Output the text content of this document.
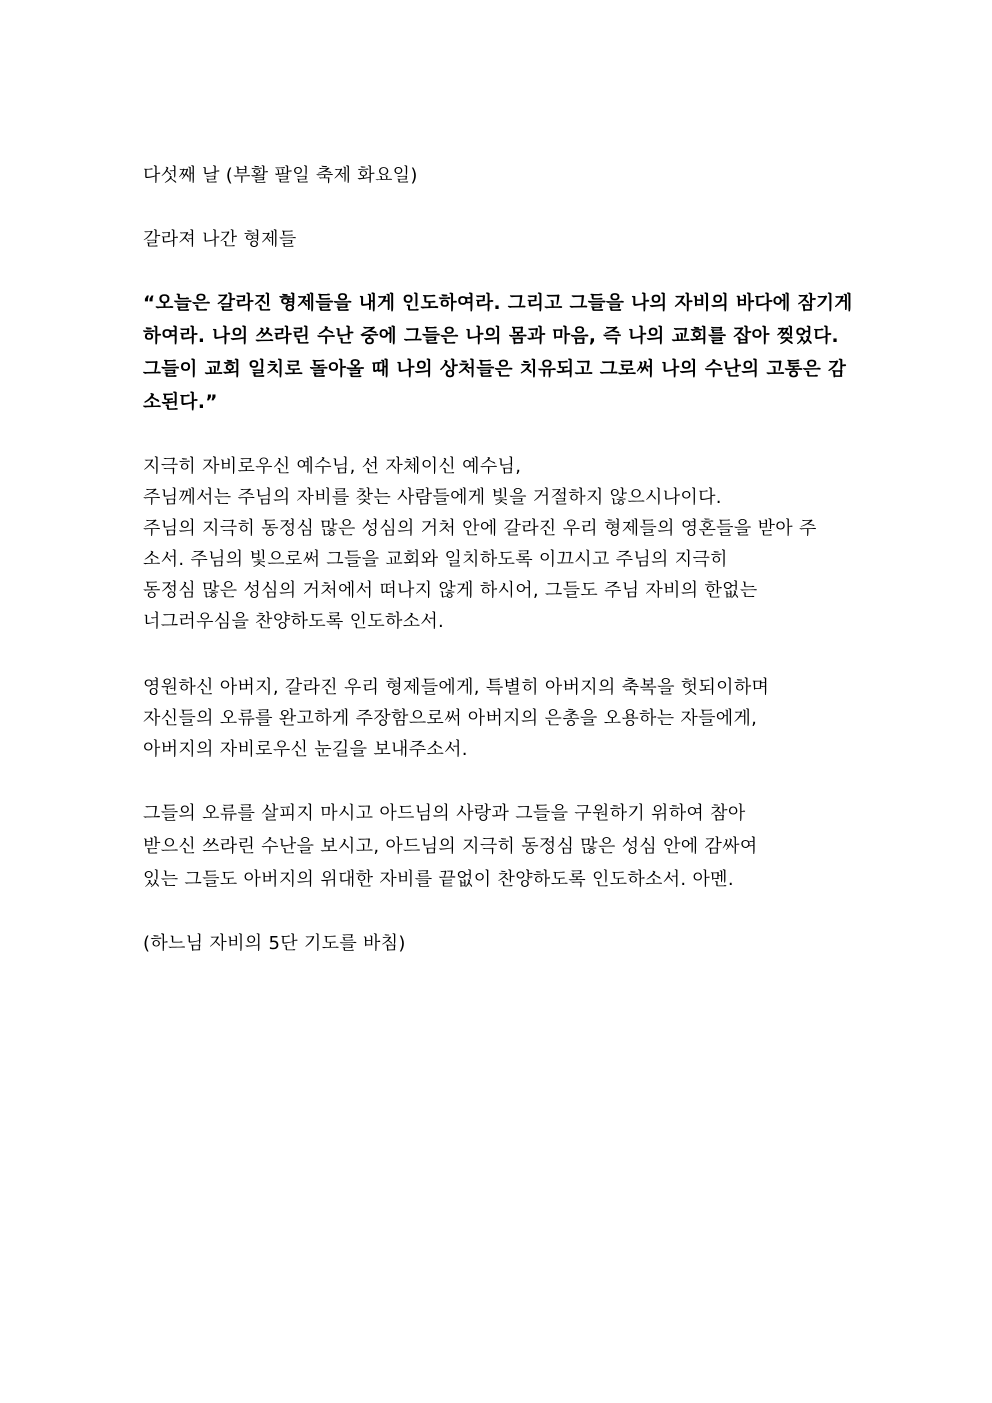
다섯째 날 (부활 팔일 축제 화요일)
갈라져 나간 형제들
“오늘은 갈라진 형제들을 내게 인도하여라. 그리고 그들을 나의 자비의 바다에 잠기게
하여라. 나의 쓰라린 수난 중에 그들은 나의 몸과 마음, 즉 나의 교회를 잡아 찢었다.
그들이 교회 일치로 돌아올 때 나의 상처들은 치유되고 그로써 나의 수난의 고통은 감
소된다.”
지극히 자비로우신 예수님, 선 자체이신 예수님,
주님께서는 주님의 자비를 찾는 사람들에게 빛을 거절하지 않으시나이다.
주님의 지극히 동정심 많은 성심의 거처 안에 갈라진 우리 형제들의 영혼들을 받아 주
소서. 주님의 빛으로써 그들을 교회와 일치하도록 이끄시고 주님의 지극히
동정심 많은 성심의 거처에서 떠나지 않게 하시어, 그들도 주님 자비의 한없는
너그러우심을 찬양하도록 인도하소서.
영원하신 아버지, 갈라진 우리 형제들에게, 특별히 아버지의 축복을 헛되이하며
자신들의 오류를 완고하게 주장함으로써 아버지의 은총을 오용하는 자들에게,
아버지의 자비로우신 눈길을 보내주소서.
그들의 오류를 살피지 마시고 아드님의 사랑과 그들을 구원하기 위하여 참아
받으신 쓰라린 수난을 보시고, 아드님의 지극히 동정심 많은 성심 안에 감싸여
있는 그들도 아버지의 위대한 자비를 끝없이 찬양하도록 인도하소서. 아멘.
(하느님 자비의 5단 기도를 바침)
